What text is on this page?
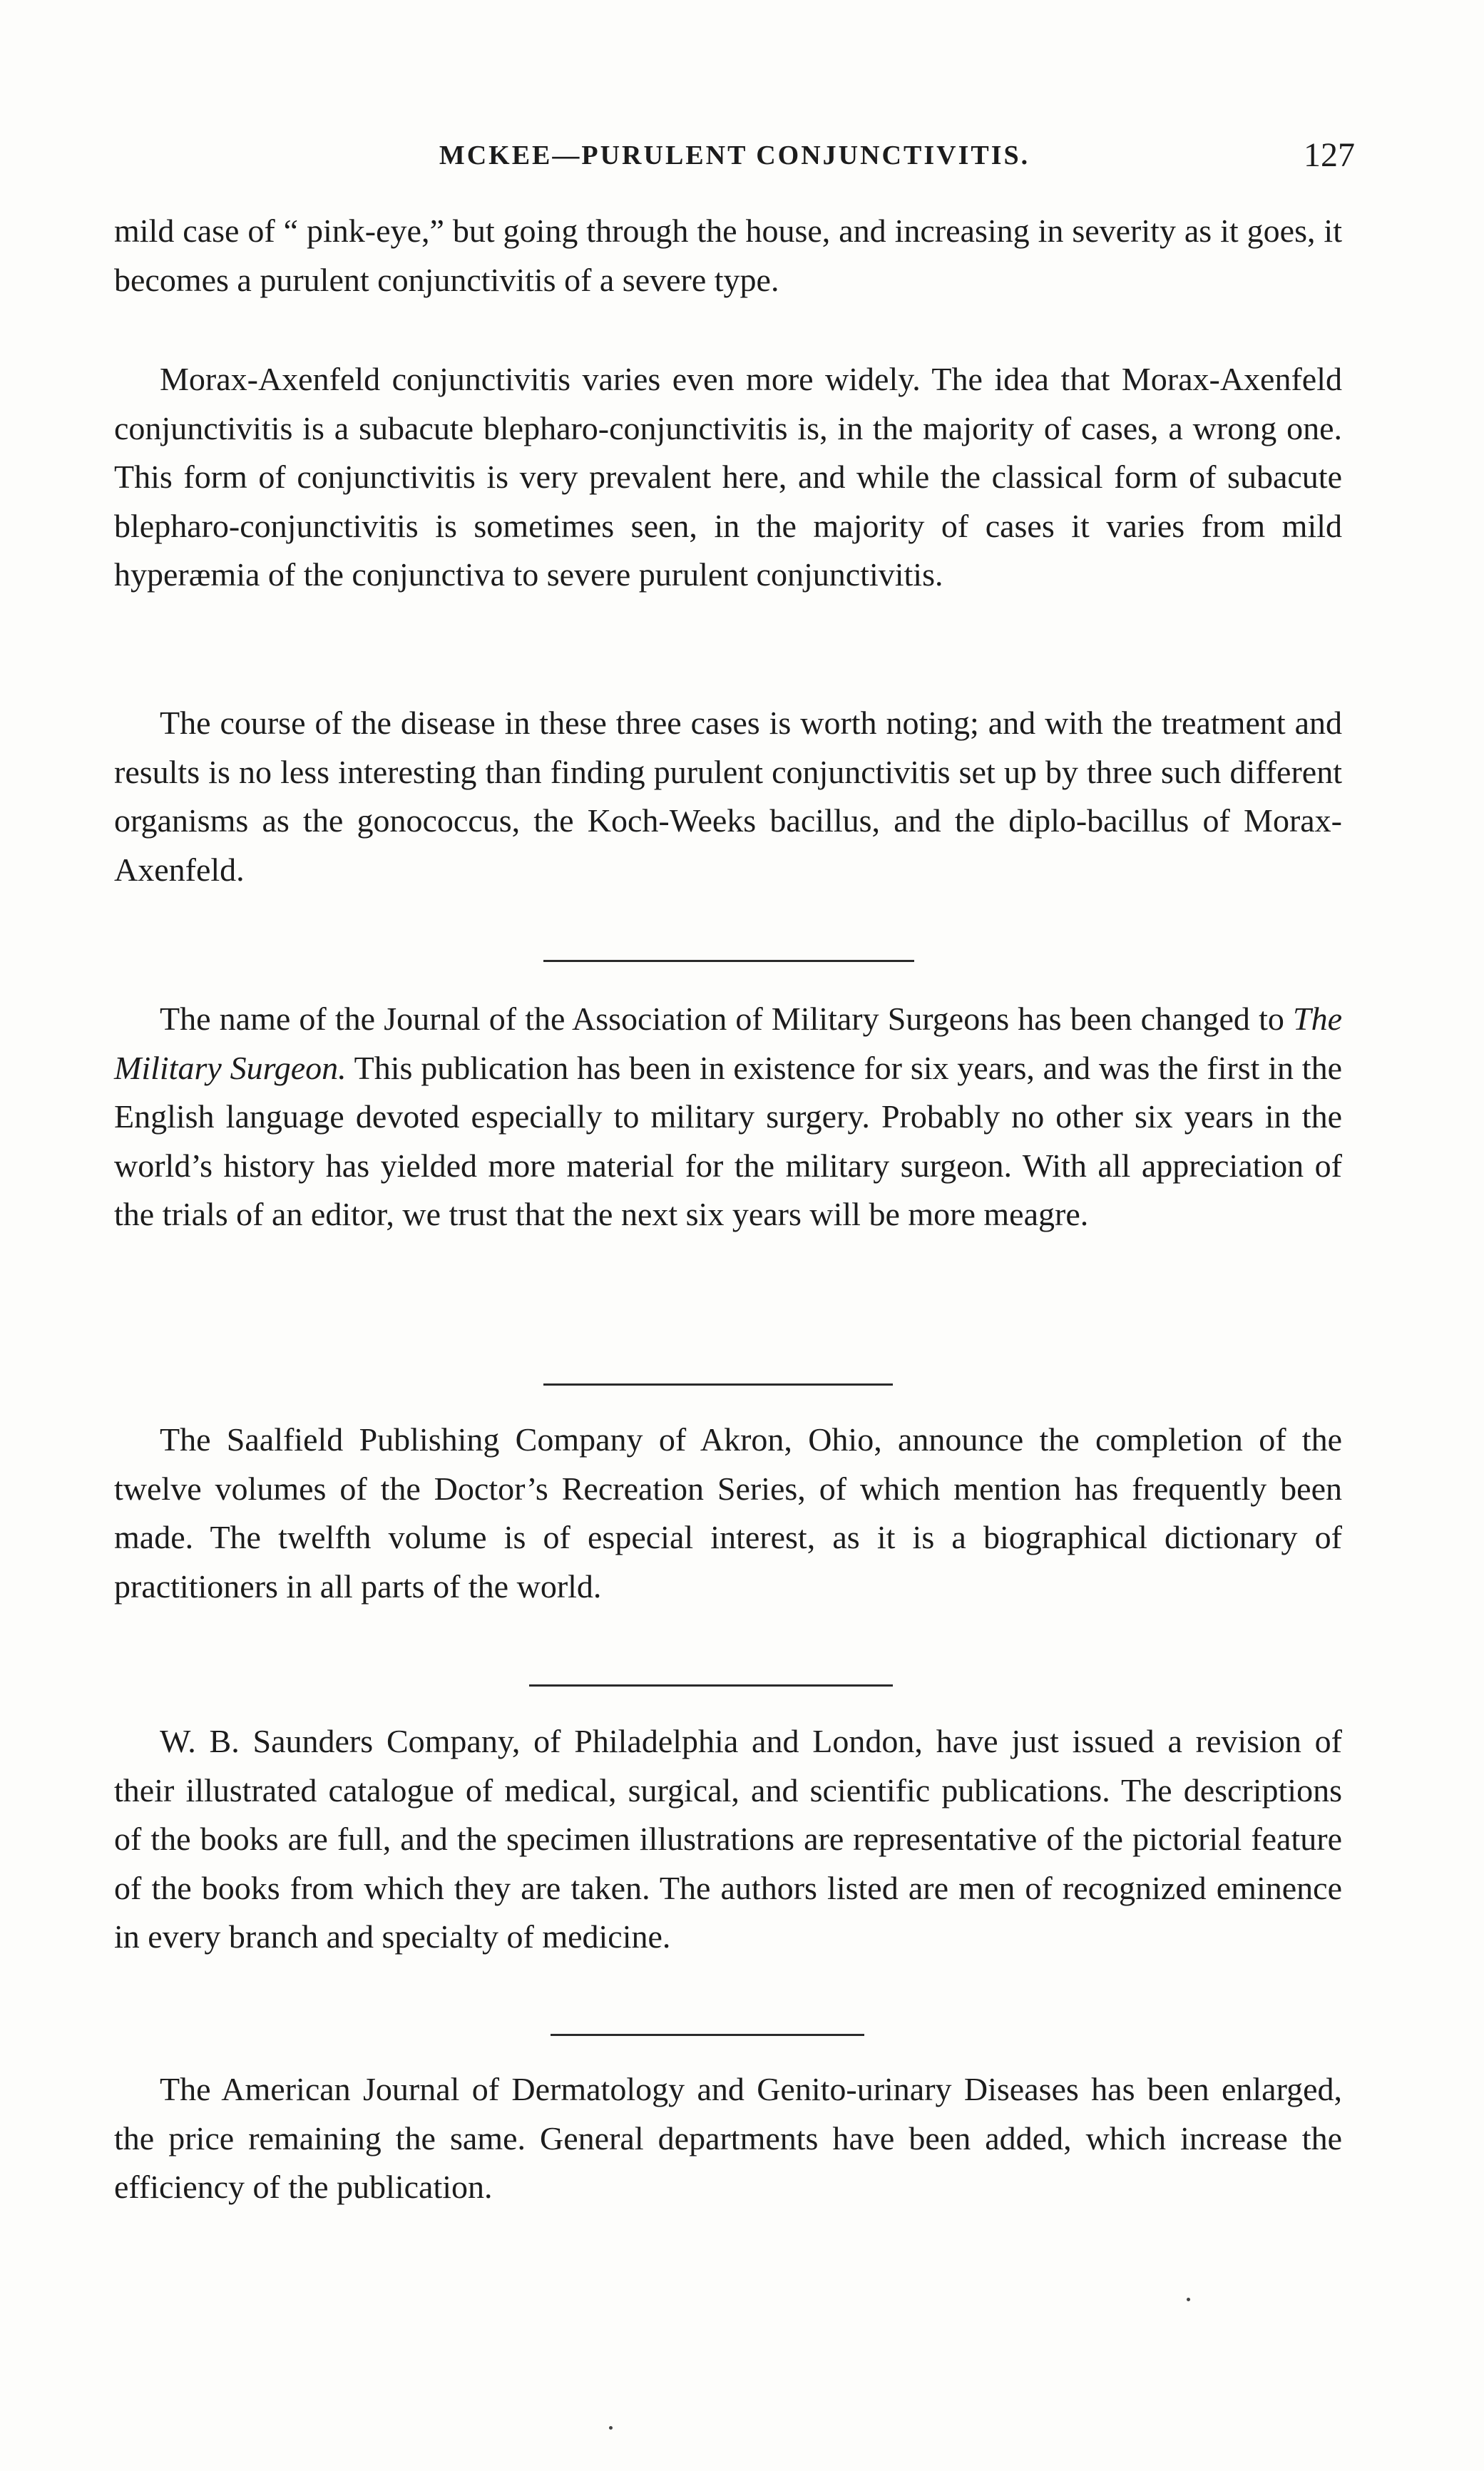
MCKEE—PURULENT CONJUNCTIVITIS.	127

mild case of “ pink-eye,” but going through the house, and increasing in severity as it goes, it becomes a purulent conjunctivitis of a severe type.

Morax-Axenfeld conjunctivitis varies even more widely. The idea that Morax-Axenfeld conjunctivitis is a subacute blepharo-conjunctivitis is, in the majority of cases, a wrong one. This form of conjunctivitis is very prevalent here, and while the classical form of subacute blepharo-conjunctivitis is sometimes seen, in the majority of cases it varies from mild hyperæmia of the conjunctiva to severe purulent conjunctivitis.

The course of the disease in these three cases is worth noting; and with the treatment and results is no less interesting than finding purulent conjunctivitis set up by three such different organisms as the gonococcus, the Koch-Weeks bacillus, and the diplo-bacillus of Morax-Axenfeld.

The name of the Journal of the Association of Military Surgeons has been changed to The Military Surgeon. This publication has been in existence for six years, and was the first in the English language devoted especially to military surgery. Probably no other six years in the world’s history has yielded more material for the military surgeon. With all appreciation of the trials of an editor, we trust that the next six years will be more meagre.

The Saalfield Publishing Company of Akron, Ohio, announce the completion of the twelve volumes of the Doctor’s Recreation Series, of which mention has frequently been made. The twelfth volume is of especial interest, as it is a biographical dictionary of practitioners in all parts of the world.

W. B. Saunders Company, of Philadelphia and London, have just issued a revision of their illustrated catalogue of medical, surgical, and scientific publications. The descriptions of the books are full, and the specimen illustrations are representative of the pictorial feature of the books from which they are taken. The authors listed are men of recognized eminence in every branch and specialty of medicine.

The American Journal of Dermatology and Genito-urinary Diseases has been enlarged, the price remaining the same. General departments have been added, which increase the efficiency of the publication.
